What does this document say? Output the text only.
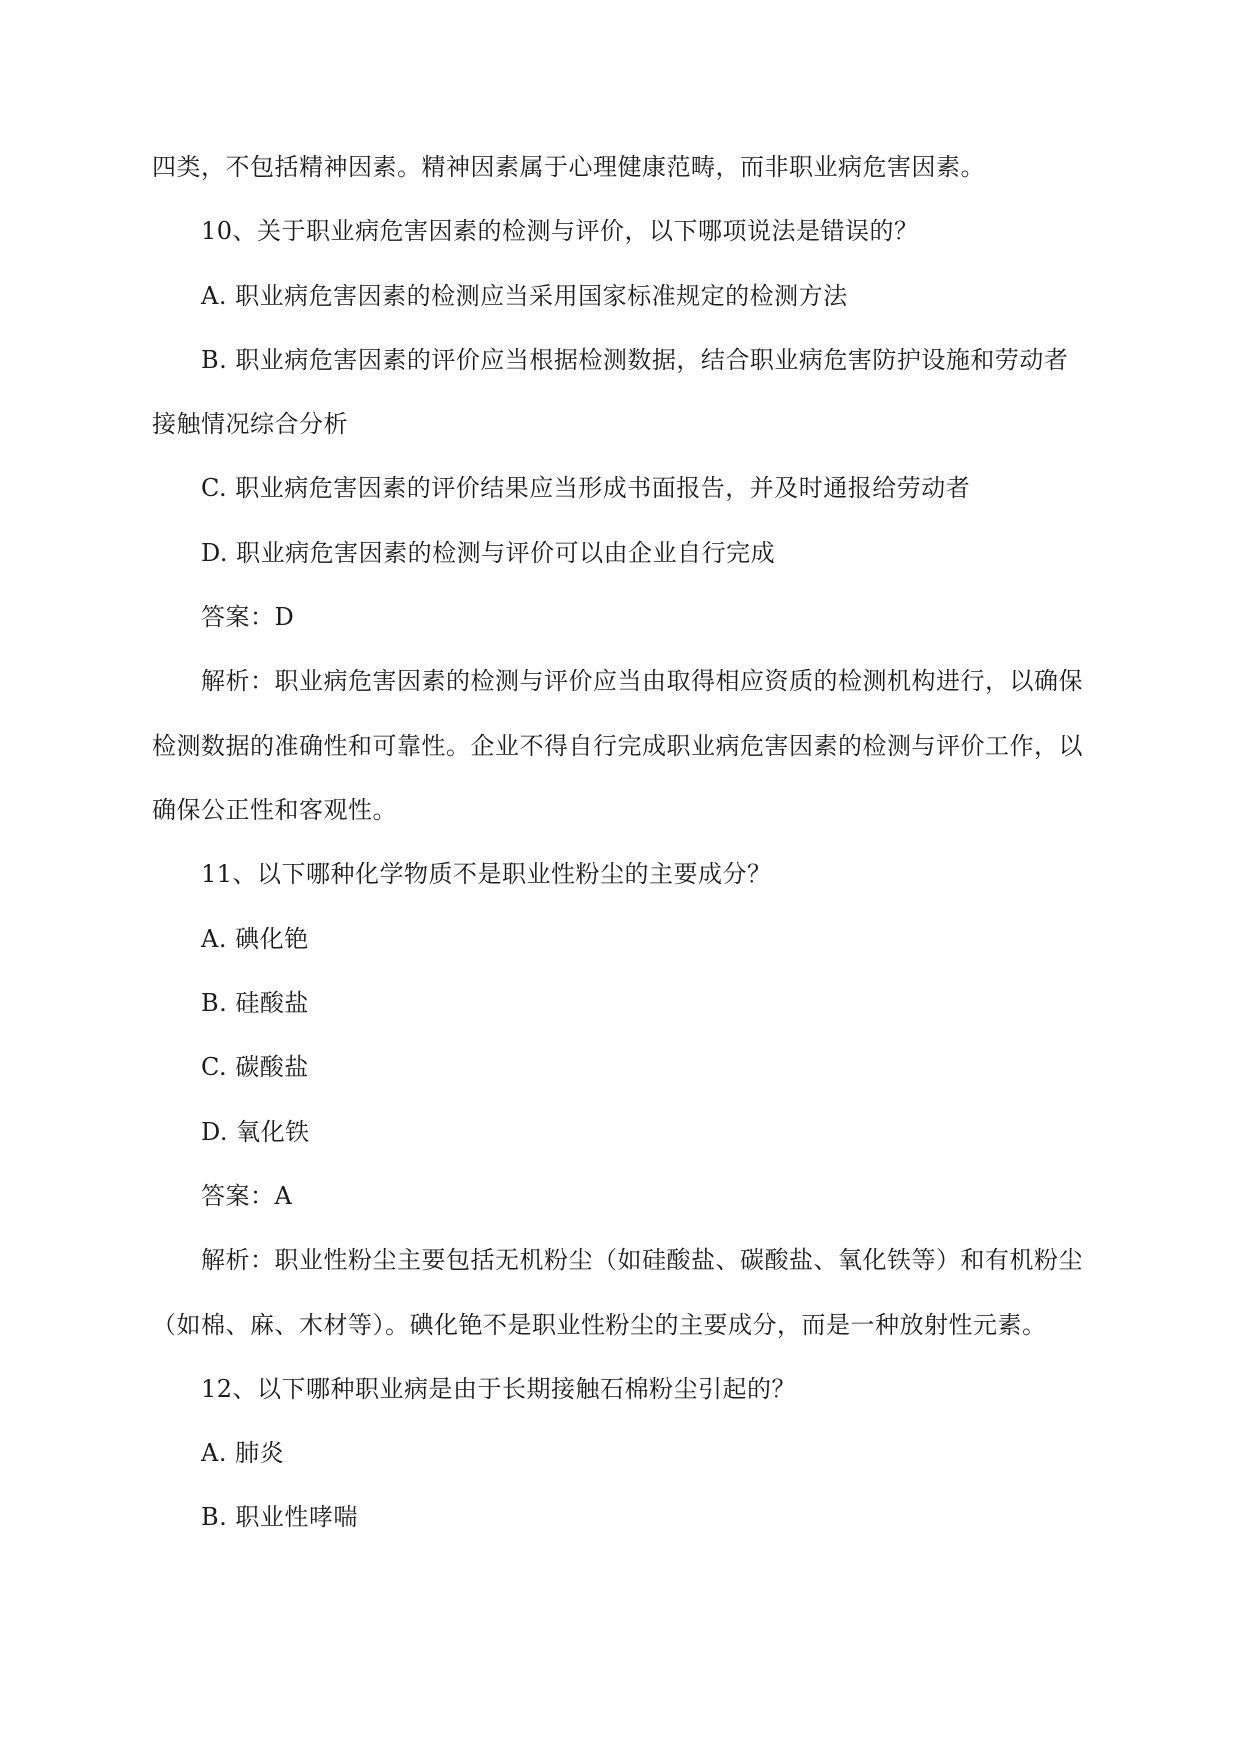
四类，不包括精神因素。精神因素属于心理健康范畴，而非职业病危害因素。
10、关于职业病危害因素的检测与评价，以下哪项说法是错误的？
A. 职业病危害因素的检测应当采用国家标准规定的检测方法
B. 职业病危害因素的评价应当根据检测数据，结合职业病危害防护设施和劳动者
接触情况综合分析
C. 职业病危害因素的评价结果应当形成书面报告，并及时通报给劳动者
D. 职业病危害因素的检测与评价可以由企业自行完成
答案：D
解析：职业病危害因素的检测与评价应当由取得相应资质的检测机构进行，以确保
检测数据的准确性和可靠性。企业不得自行完成职业病危害因素的检测与评价工作，以
确保公正性和客观性。
11、以下哪种化学物质不是职业性粉尘的主要成分？
A. 碘化铯
B. 硅酸盐
C. 碳酸盐
D. 氧化铁
答案：A
解析：职业性粉尘主要包括无机粉尘（如硅酸盐、碳酸盐、氧化铁等）和有机粉尘
（如棉、麻、木材等）。碘化铯不是职业性粉尘的主要成分，而是一种放射性元素。
12、以下哪种职业病是由于长期接触石棉粉尘引起的？
A. 肺炎
B. 职业性哮喘
